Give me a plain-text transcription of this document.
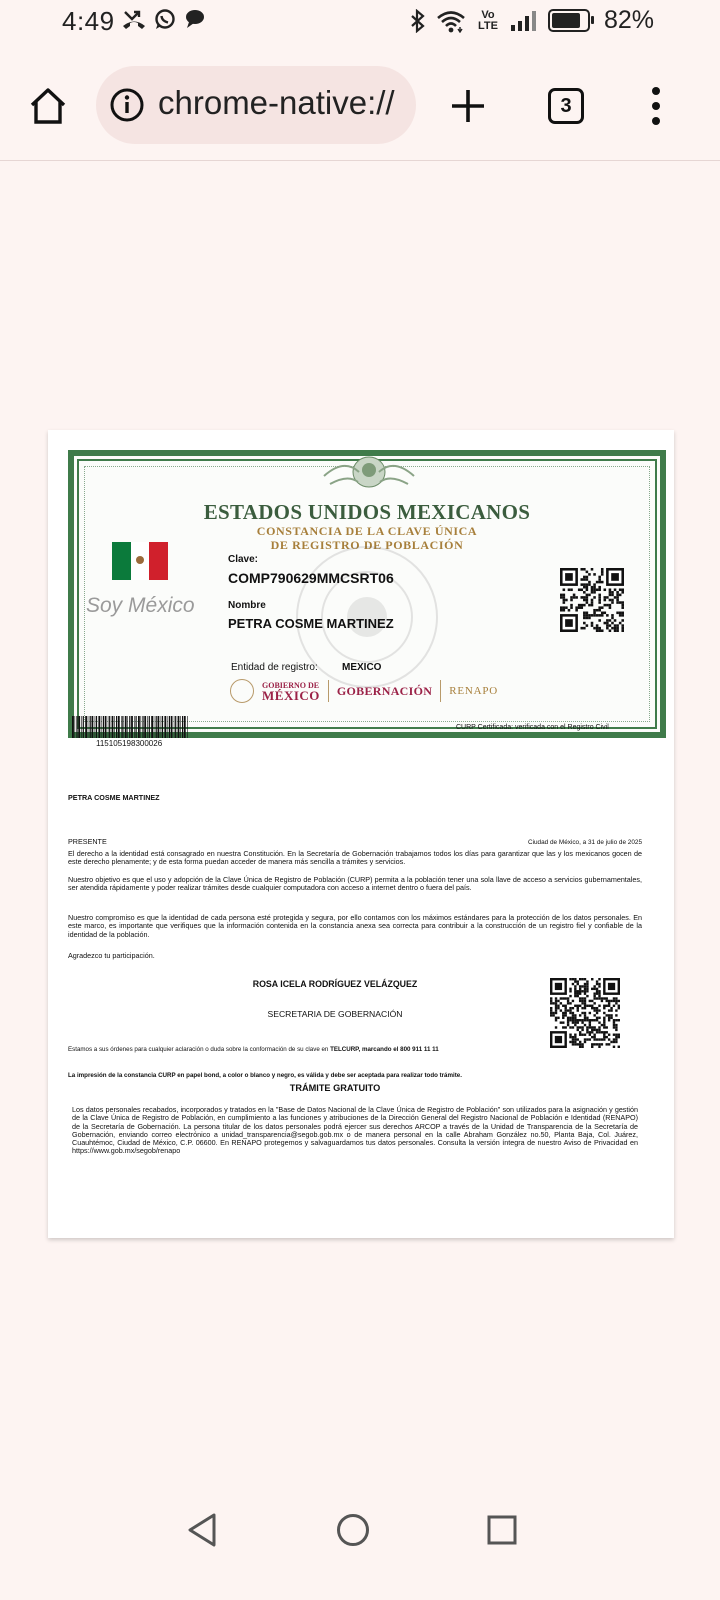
4:49	Vo LTE	82%
chrome-native://	3
ESTADOS UNIDOS MEXICANOS
CONSTANCIA DE LA CLAVE ÚNICA
DE REGISTRO DE POBLACIÓN
Soy México
Clave:
COMP790629MMCSRT06
Nombre
PETRA COSME MARTINEZ
Entidad de registro: MEXICO
GOBIERNO DE
MÉXICO GOBERNACIÓN RENAPO
115105198300026
CURP Certificada: verificada con el Registro Civil
PETRA COSME MARTINEZ
PRESENTE	Ciudad de México, a 31 de julio de 2025
El derecho a la identidad está consagrado en nuestra Constitución. En la Secretaría de Gobernación trabajamos todos los días para garantizar que las y los mexicanos gocen de este derecho plenamente; y de esta forma puedan acceder de manera más sencilla a trámites y servicios.
Nuestro objetivo es que el uso y adopción de la Clave Única de Registro de Población (CURP) permita a la población tener una sola llave de acceso a servicios gubernamentales, ser atendida rápidamente y poder realizar trámites desde cualquier computadora con acceso a internet dentro o fuera del país.
Nuestro compromiso es que la identidad de cada persona esté protegida y segura, por ello contamos con los máximos estándares para la protección de los datos personales. En este marco, es importante que verifiques que la información contenida en la constancia anexa sea correcta para contribuir a la construcción de un registro fiel y confiable de la identidad de la población.
Agradezco tu participación.
ROSA ICELA RODRÍGUEZ VELÁZQUEZ
SECRETARIA DE GOBERNACIÓN
Estamos a sus órdenes para cualquier aclaración o duda sobre la conformación de su clave en TELCURP, marcando el 800 911 11 11
La impresión de la constancia CURP en papel bond, a color o blanco y negro, es válida y debe ser aceptada para realizar todo trámite.
TRÁMITE GRATUITO
Los datos personales recabados, incorporados y tratados en la "Base de Datos Nacional de la Clave Única de Registro de Población" son utilizados para la asignación y gestión de la Clave Única de Registro de Población, en cumplimiento a las funciones y atribuciones de la Dirección General del Registro Nacional de Población e Identidad (RENAPO) de la Secretaría de Gobernación. La persona titular de los datos personales podrá ejercer sus derechos ARCOP a través de la Unidad de Transparencia de la Secretaría de Gobernación, enviando correo electrónico a unidad_transparencia@segob.gob.mx o de manera personal en la calle Abraham González no.50, Planta Baja, Col. Juárez, Cuauhtémoc, Ciudad de México, C.P. 06600. En RENAPO protegemos y salvaguardamos tus datos personales. Consulta la versión íntegra de nuestro Aviso de Privacidad en https://www.gob.mx/segob/renapo
